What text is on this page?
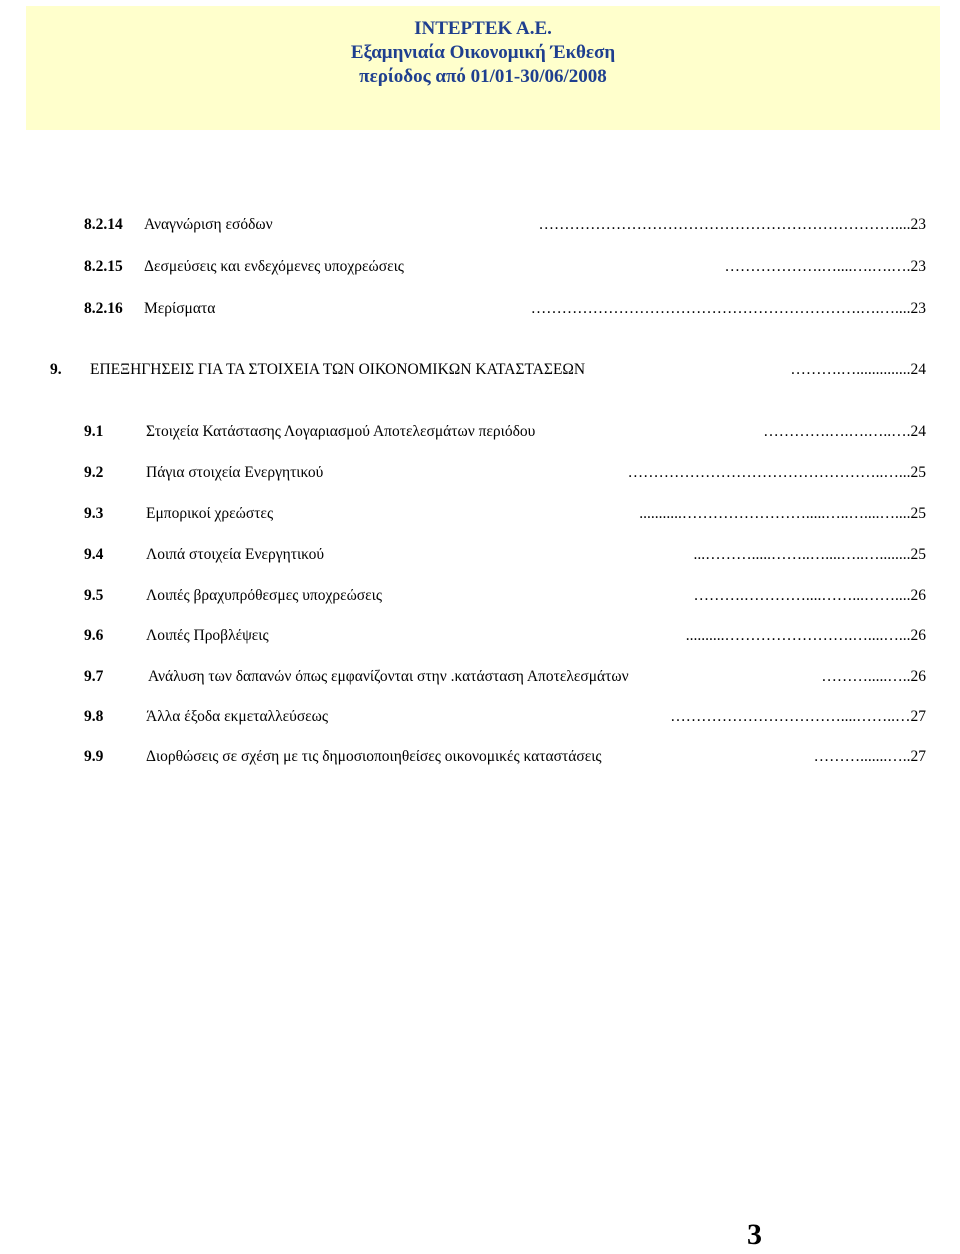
ΙΝΤΕΡΤΕΚ Α.Ε.
Εξαμηνιαία Οικονομική Έκθεση
περίοδος από 01/01-30/06/2008
8.2.14 Αναγνώριση εσόδων	……………………………………………………………....23
8.2.15 Δεσμεύσεις και ενδεχόμενες υποχρεώσεις	……………….…....….….….23
8.2.16 Μερίσματα	……………………………………………………….….…....23
9. ΕΠΕΞΗΓΗΣΕΙΣ ΓΙΑ ΤΑ ΣΤΟΙΧΕΙΑ ΤΩΝ ΟΙΚΟΝΟΜΙΚΩΝ ΚΑΤΑΣΤΑΣΕΩΝ	……….…..............24
9.1	Στοιχεία Κατάστασης Λογαριασμού Αποτελεσμάτων περιόδου	………….….….…..….24
9.2	Πάγια στοιχεία Ενεργητικού	…………………………………………..…...25
9.3	Εμπορικοί χρεώστες	...........…………………….....…..…....…....25
9.4	Λοιπά στοιχεία Ενεργητικού	...……….....……..…....…..…........25
9.5	Λοιπές βραχυπρόθεσμες υποχρεώσεις	……….…………....……...……....26
9.6	Λοιπές Προβλέψεις	..........…………………….…....…...26
9.7	Ανάλυση των δαπανών όπως εμφανίζονται στην .κατάσταση Αποτελεσμάτων	……….....…..26
9.8	Άλλα έξοδα εκμεταλλεύσεως	……………………………....……..…27
9.9	Διορθώσεις σε σχέση με τις δημοσιοποιηθείσες οικονομικές καταστάσεις	……….......…..27
3
